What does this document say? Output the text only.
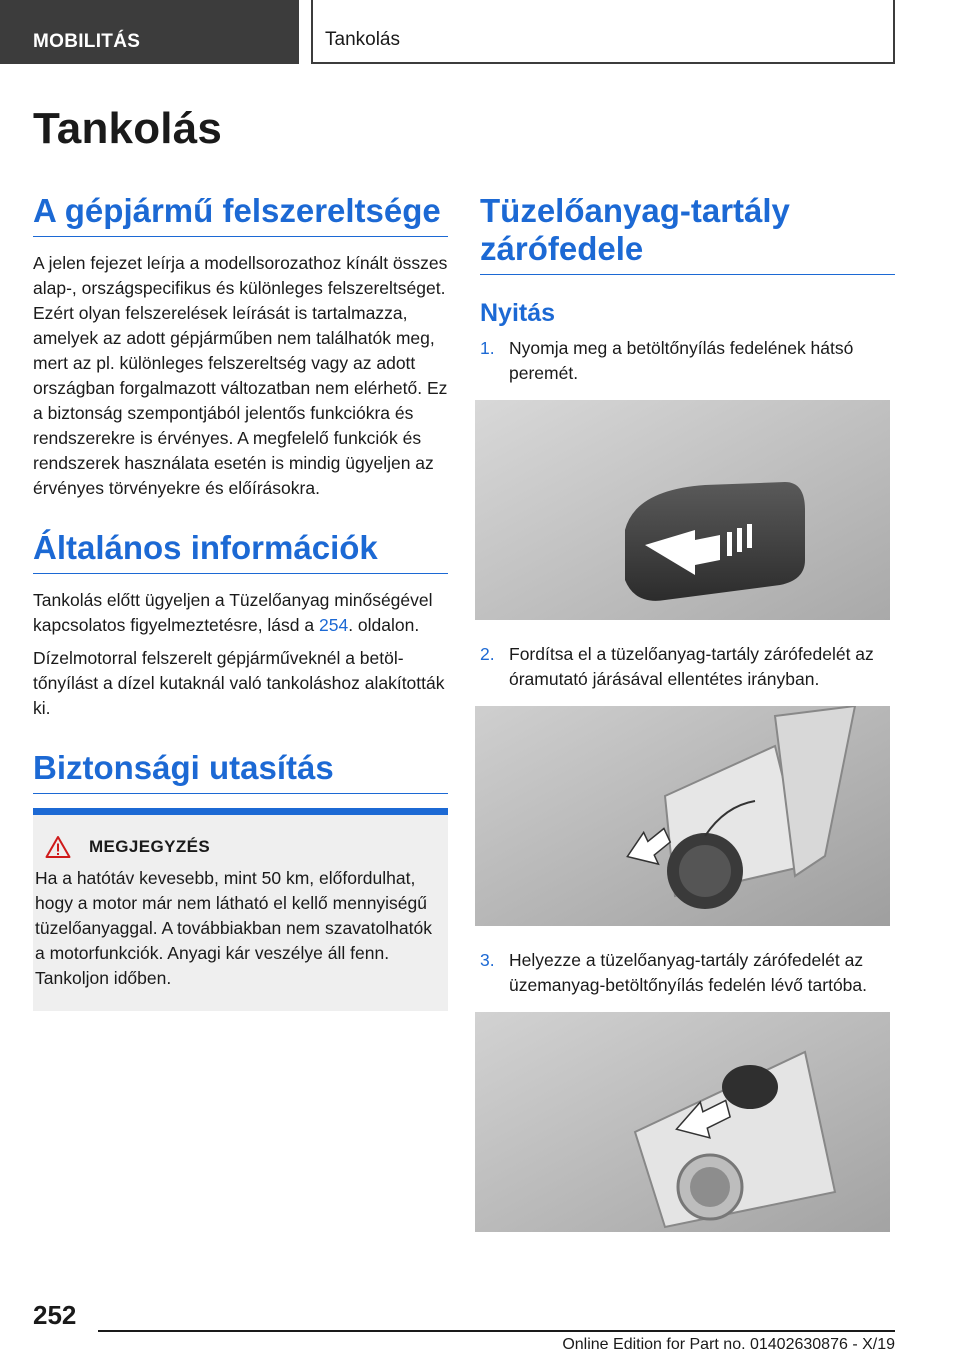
MOBILITÁS	Tankolás
Tankolás
A gépjármű felszereltsége

A jelen fejezet leírja a modellsorozathoz kínált összes alap-, országspecifikus és különleges felszereltséget. Ezért olyan felszerelések leírását is tartalmazza, amelyek az adott gépjárműben nem találhatók meg, mert az pl. különleges felszereltség vagy az adott országban forgalmazott változatban nem elérhető. Ez a biztonság szempontjából jelentős funkciókra és rendszerekre is érvényes. A megfelelő funkciók és rendszerek használata esetén is mindig ügyeljen az érvényes törvényekre és előírásokra.

Általános információk

Tankolás előtt ügyeljen a Tüzelőanyag minőségével kapcsolatos figyelmeztetésre, lásd a 254. oldalon.

Dízelmotorral felszerelt gépjárműveknél a betöltőnyílást a dízel kutaknál való tankoláshoz alakították ki.

Biztonsági utasítás
MEGJEGYZÉS

Ha a hatótáv kevesebb, mint 50 km, előfordulhat, hogy a motor már nem látható el kellő mennyiségű tüzelőanyaggal. A továbbiakban nem szavatolhatók a motorfunkciók. Anyagi kár veszélye áll fenn. Tankoljon időben.

Tüzelőanyag-tartály zárófedele
Nyitás
1. Nyomja meg a betöltőnyílás fedelének hátsó peremét.
2. Fordítsa el a tüzelőanyag-tartály zárófedelét az óramutató járásával ellentétes irányban.
3. Helyezze a tüzelőanyag-tartály zárófedelét az üzemanyag-betöltőnyílás fedelén lévő tartóba.
252
Online Edition for Part no. 01402630876 - X/19
